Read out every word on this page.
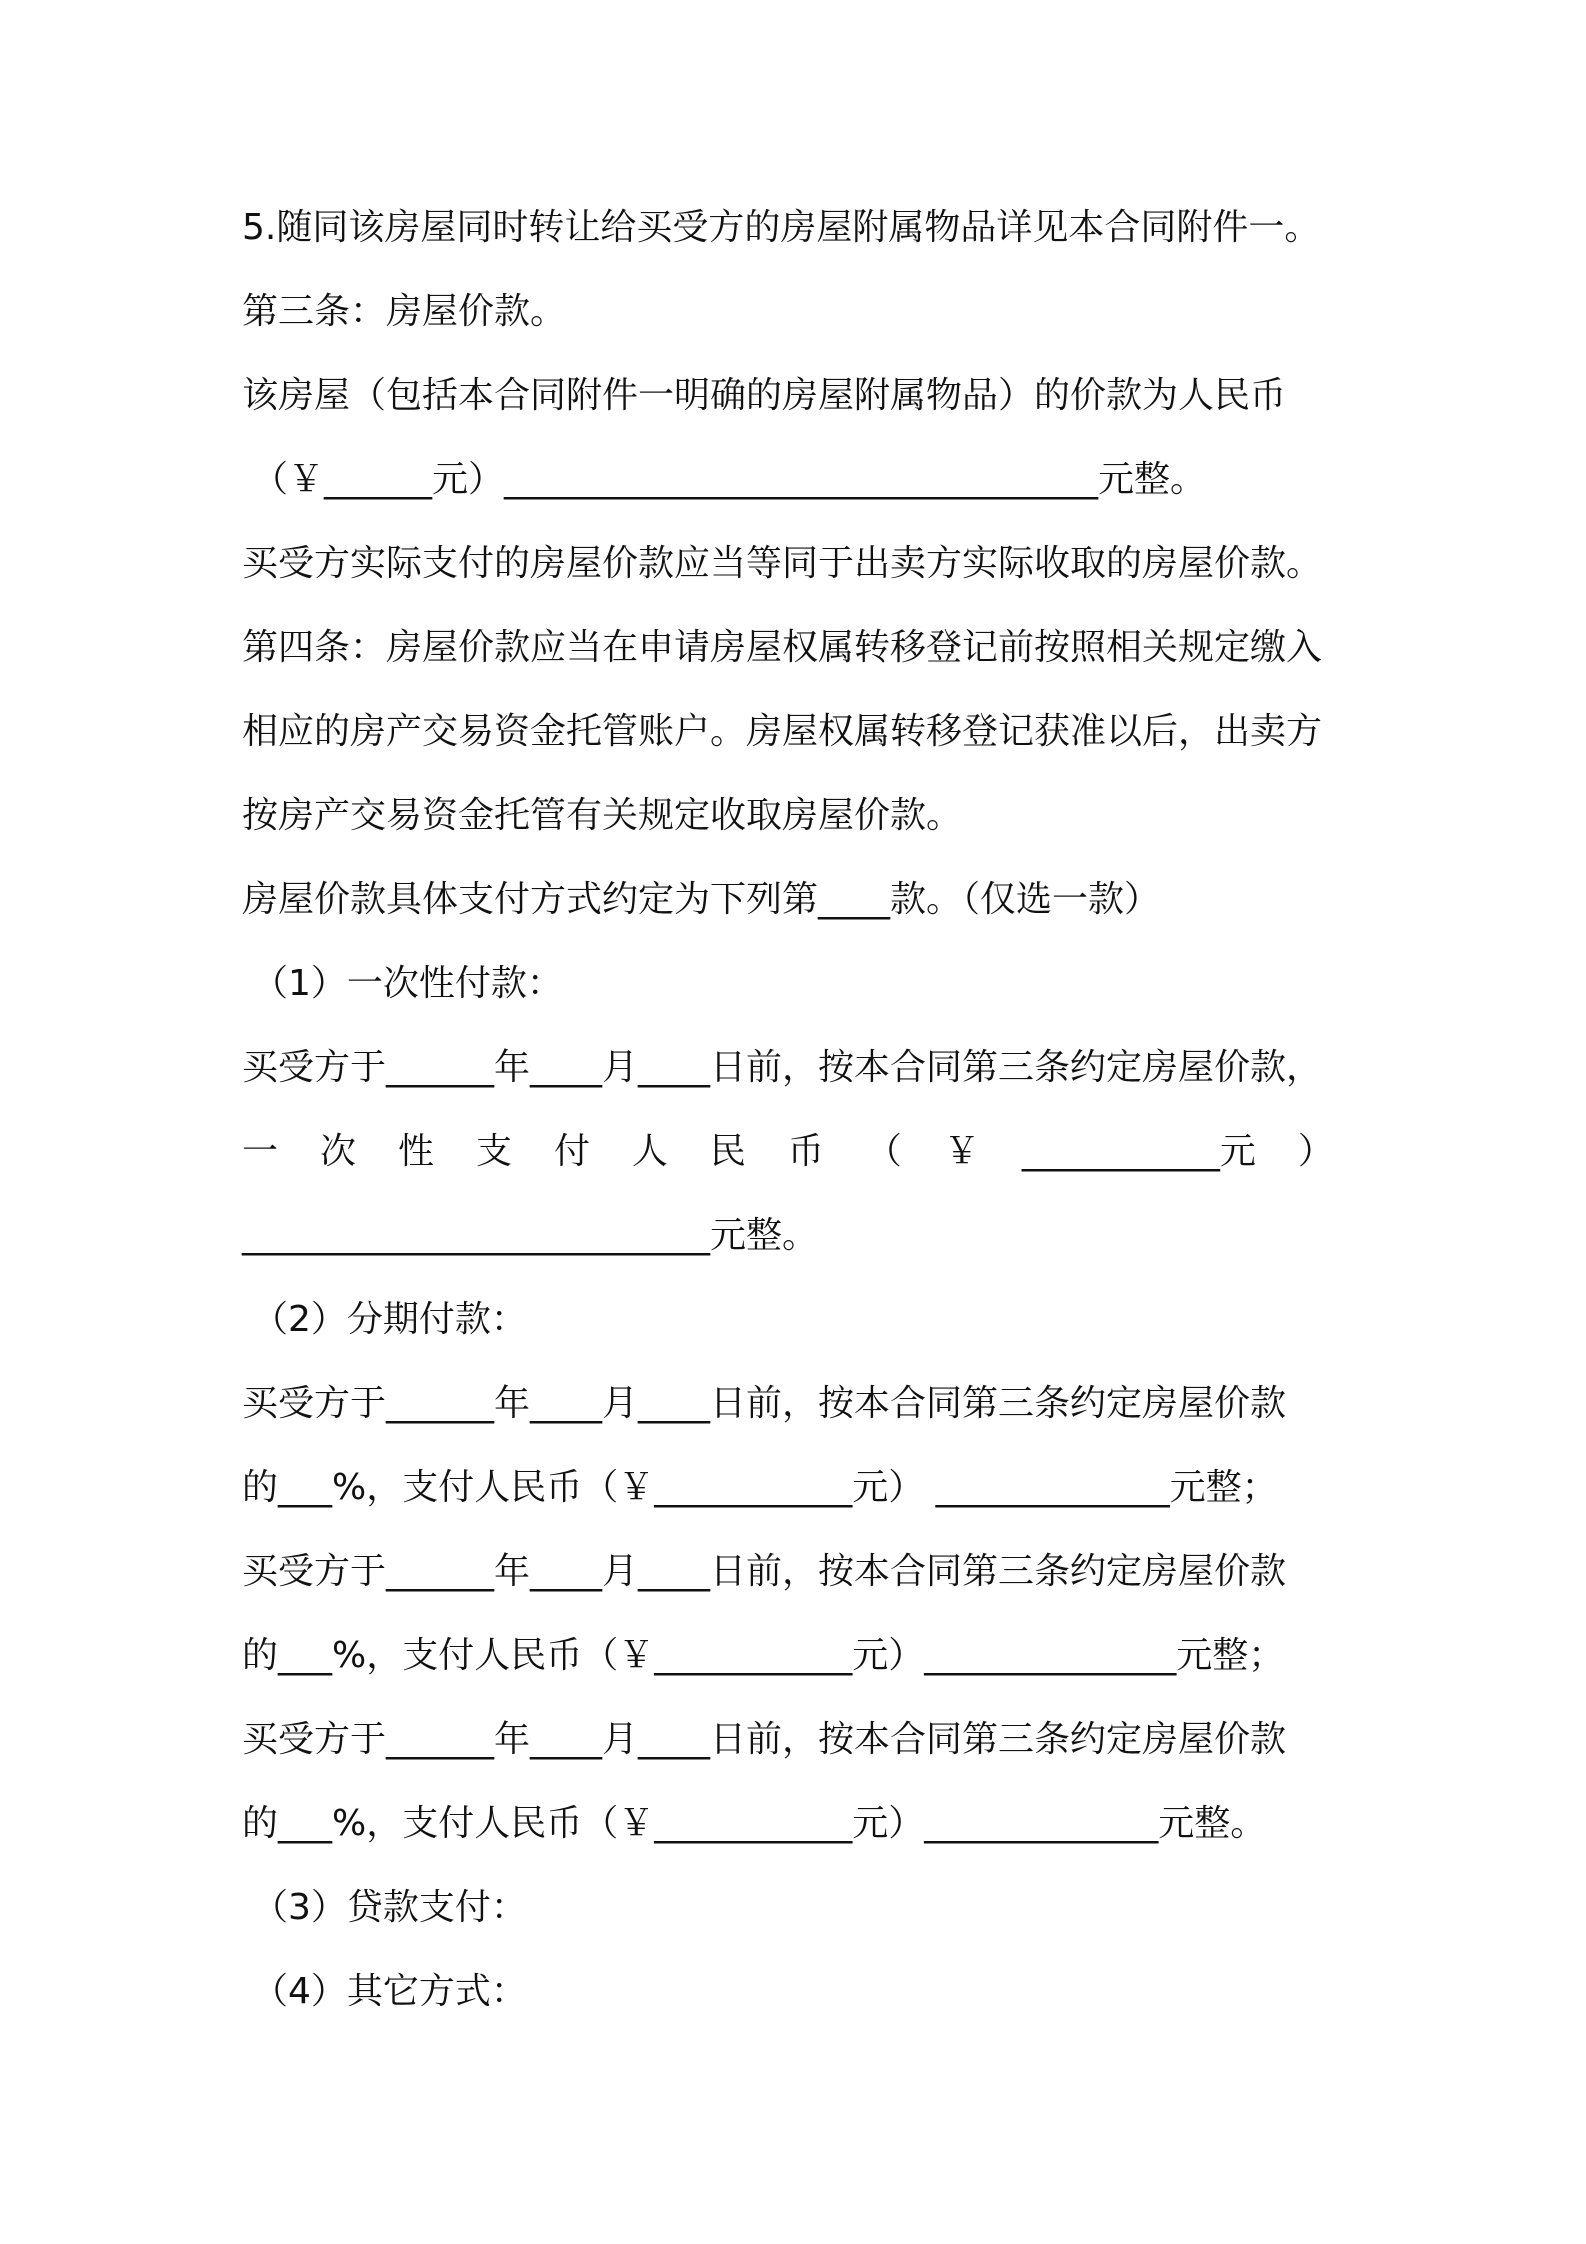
5.随同该房屋同时转让给买受方的房屋附属物品详见本合同附件一。
第三条：房屋价款。
该房屋（包括本合同附件一明确的房屋附属物品）的价款为人民币
（￥______元）_________________________________元整。
买受方实际支付的房屋价款应当等同于出卖方实际收取的房屋价款。
第四条：房屋价款应当在申请房屋权属转移登记前按照相关规定缴入
相应的房产交易资金托管账户。房屋权属转移登记获准以后，出卖方
按房产交易资金托管有关规定收取房屋价款。
房屋价款具体支付方式约定为下列第____款。（仅选一款）
（1）一次性付款：
买受方于______年____月____日前，按本合同第三条约定房屋价款，
一 次 性 支 付 人 民 币 （ ￥ ___________元 ）
__________________________元整。
（2）分期付款：
买受方于______年____月____日前，按本合同第三条约定房屋价款
的___%，支付人民币（￥___________元） _____________元整；
买受方于______年____月____日前，按本合同第三条约定房屋价款
的___%，支付人民币（￥___________元）______________元整；
买受方于______年____月____日前，按本合同第三条约定房屋价款
的___%，支付人民币（￥___________元）_____________元整。
（3）贷款支付：
（4）其它方式：
